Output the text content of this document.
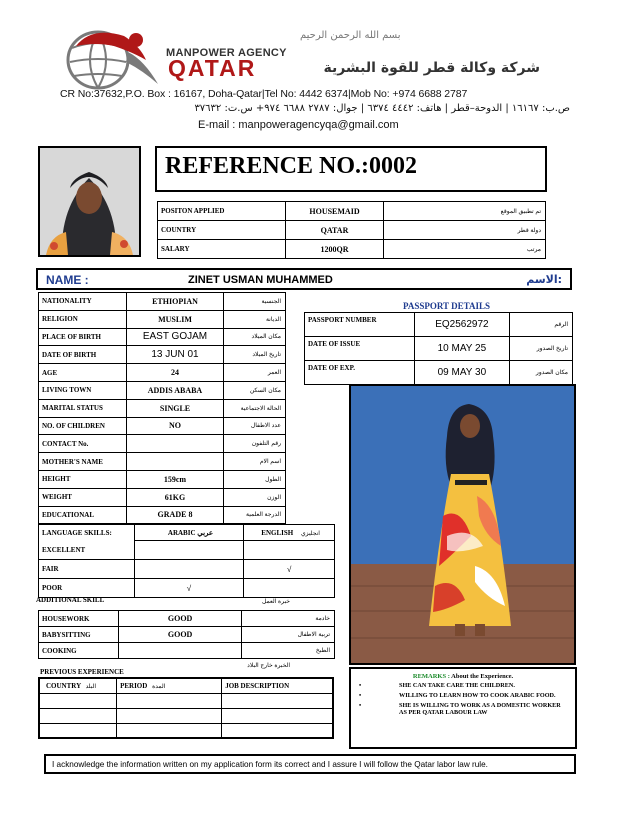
بسم الله الرحمن الرحيم
MANPOWER AGENCY
QATAR	شركة وكالة قطر للقوة البشرية
CR No:37632,P.O. Box : 16167, Doha-Qatar|Tel No: 4442 6374|Mob No: +974 6688 2787
ص.ب: ١٦١٦٧ | الدوحة–قطر | هاتف: ٤٤٤٢ ٦٣٧٤ | جوال: ٢٧٨٧ ٦٦٨٨ ٩٧٤+ س.ت: ٣٧٦٣٢
E-mail : manpoweragencyqa@gmail.com
REFERENCE NO.:0002
POSITON APPLIED	HOUSEMAID	تم تطبيق الموقع
COUNTRY	QATAR	دولة قطر
SALARY	1200QR	مرتب
NAME :	ZINET USMAN MUHAMMED	الاسم:
NATIONALITY	ETHIOPIAN	الجنسية
RELIGION	MUSLIM	الديانة
PLACE OF BIRTH	EAST GOJAM	مكان الميلاد
DATE OF BIRTH	13 JUN 01	تاريخ الميلاد
AGE	24	العمر
LIVING TOWN	ADDIS ABABA	مكان السكن
MARITAL STATUS	SINGLE	الحالة الاجتماعية
NO. OF CHILDREN	NO	عدد الاطفال
CONTACT No.		رقم التلفون
MOTHER'S NAME		اسم الام
HEIGHT	159cm	الطول
WEIGHT	61KG	الوزن
EDUCATIONAL	GRADE 8	الدرجة العلمية
PASSPORT DETAILS
PASSPORT NUMBER	EQ2562972	الرقم
DATE OF ISSUE	10 MAY 25	تاريخ الصدور
DATE OF EXP.	09 MAY 30	مكان الصدور
LANGUAGE SKILLS:	ARABIC عربي	ENGLISH انجليزي
EXCELLENT		
FAIR		√
POOR	√	
ADDITIONAL SKILL	خبرة العمل
HOUSEWORK	GOOD	خادمة
BABYSITTING	GOOD	تربية الاطفال
COOKING		الطبخ
PREVIOUS EXPERIENCE
الخبرة خارج البلاد
COUNTRY البلد	PERIOD المدة	JOB DESCRIPTION

REMARKS : About the Experience.
•	SHE CAN TAKE CARE THE CHILDREN.
•	WILLING TO LEARN HOW TO COOK ARABIC FOOD.
•	SHE IS WILLING TO WORK AS A DOMESTIC WORKER AS PER QATAR LABOUR LAW
I acknowledge the information written on my application form its correct and I assure I will follow the Qatar labor law rule.
